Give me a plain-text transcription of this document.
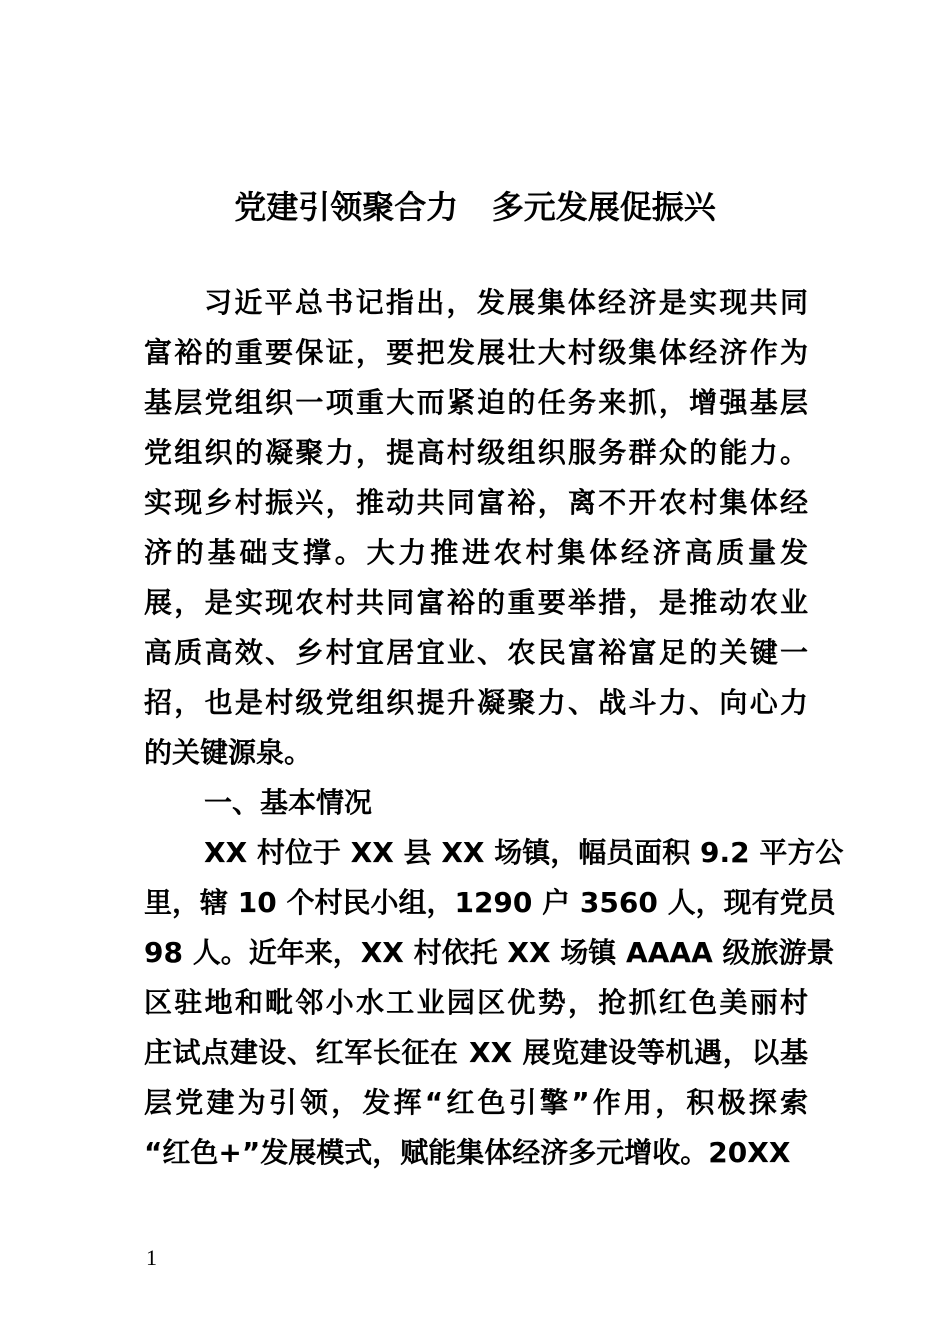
党建引领聚合力   多元发展促振兴
习近平总书记指出，发展集体经济是实现共同
富裕的重要保证，要把发展壮大村级集体经济作为
基层党组织一项重大而紧迫的任务来抓，增强基层
党组织的凝聚力，提高村级组织服务群众的能力。
实现乡村振兴，推动共同富裕，离不开农村集体经
济的基础支撑。大力推进农村集体经济高质量发
展，是实现农村共同富裕的重要举措，是推动农业
高质高效、乡村宜居宜业、农民富裕富足的关键一
招，也是村级党组织提升凝聚力、战斗力、向心力
的关键源泉。
一、基本情况
XX 村位于 XX 县 XX 场镇，幅员面积 9.2 平方公
里，辖 10 个村民小组，1290 户 3560 人，现有党员
98 人。近年来，XX 村依托 XX 场镇 AAAA 级旅游景
区驻地和毗邻小水工业园区优势，抢抓红色美丽村
庄试点建设、红军长征在 XX 展览建设等机遇，以基
层党建为引领，发挥“红色引擎”作用，积极探索
“红色+”发展模式，赋能集体经济多元增收。20XX
1
